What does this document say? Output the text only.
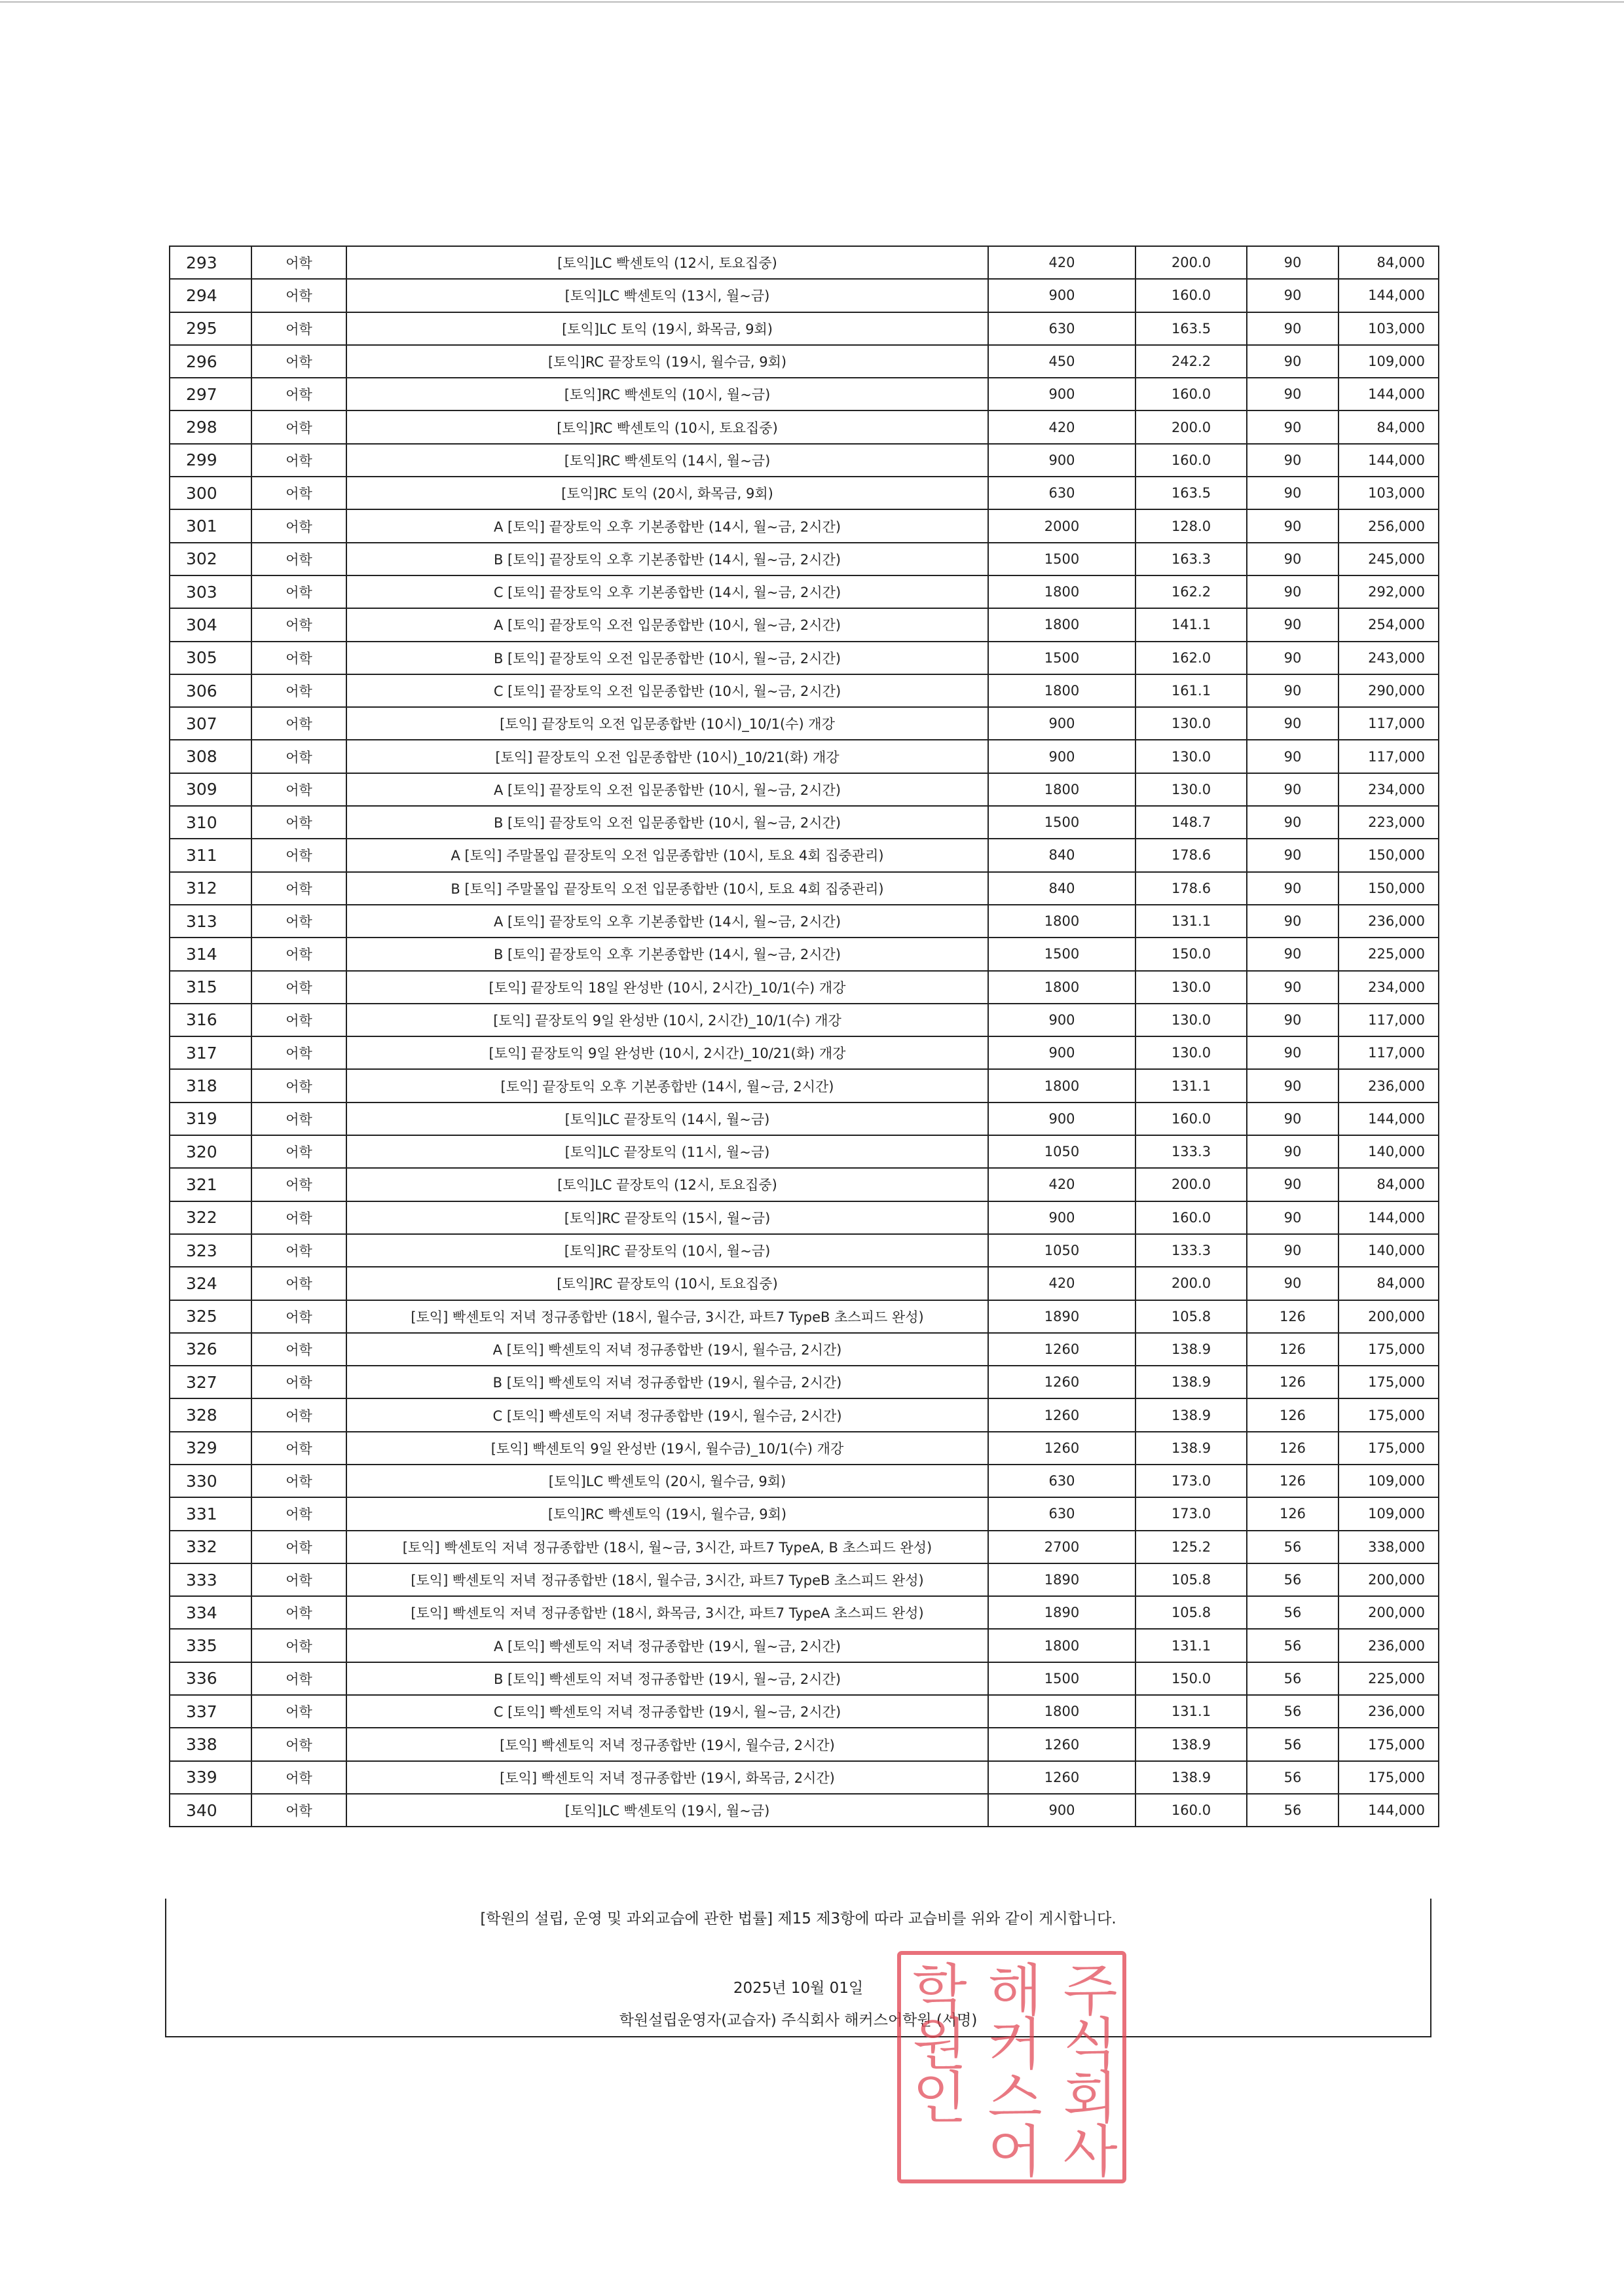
293	어학	[토익]LC 빡센토익 (12시, 토요집중)	420	200.0	90	84,000
294	어학	[토익]LC 빡센토익 (13시, 월~금)	900	160.0	90	144,000
295	어학	[토익]LC 토익 (19시, 화목금, 9회)	630	163.5	90	103,000
296	어학	[토익]RC 끝장토익 (19시, 월수금, 9회)	450	242.2	90	109,000
297	어학	[토익]RC 빡센토익 (10시, 월~금)	900	160.0	90	144,000
298	어학	[토익]RC 빡센토익 (10시, 토요집중)	420	200.0	90	84,000
299	어학	[토익]RC 빡센토익 (14시, 월~금)	900	160.0	90	144,000
300	어학	[토익]RC 토익 (20시, 화목금, 9회)	630	163.5	90	103,000
301	어학	A [토익] 끝장토익 오후 기본종합반 (14시, 월~금, 2시간)	2000	128.0	90	256,000
302	어학	B [토익] 끝장토익 오후 기본종합반 (14시, 월~금, 2시간)	1500	163.3	90	245,000
303	어학	C [토익] 끝장토익 오후 기본종합반 (14시, 월~금, 2시간)	1800	162.2	90	292,000
304	어학	A [토익] 끝장토익 오전 입문종합반 (10시, 월~금, 2시간)	1800	141.1	90	254,000
305	어학	B [토익] 끝장토익 오전 입문종합반 (10시, 월~금, 2시간)	1500	162.0	90	243,000
306	어학	C [토익] 끝장토익 오전 입문종합반 (10시, 월~금, 2시간)	1800	161.1	90	290,000
307	어학	[토익] 끝장토익 오전 입문종합반 (10시)_10/1(수) 개강	900	130.0	90	117,000
308	어학	[토익] 끝장토익 오전 입문종합반 (10시)_10/21(화) 개강	900	130.0	90	117,000
309	어학	A [토익] 끝장토익 오전 입문종합반 (10시, 월~금, 2시간)	1800	130.0	90	234,000
310	어학	B [토익] 끝장토익 오전 입문종합반 (10시, 월~금, 2시간)	1500	148.7	90	223,000
311	어학	A [토익] 주말몰입 끝장토익 오전 입문종합반 (10시, 토요 4회 집중관리)	840	178.6	90	150,000
312	어학	B [토익] 주말몰입 끝장토익 오전 입문종합반 (10시, 토요 4회 집중관리)	840	178.6	90	150,000
313	어학	A [토익] 끝장토익 오후 기본종합반 (14시, 월~금, 2시간)	1800	131.1	90	236,000
314	어학	B [토익] 끝장토익 오후 기본종합반 (14시, 월~금, 2시간)	1500	150.0	90	225,000
315	어학	[토익] 끝장토익 18일 완성반 (10시, 2시간)_10/1(수) 개강	1800	130.0	90	234,000
316	어학	[토익] 끝장토익 9일 완성반 (10시, 2시간)_10/1(수) 개강	900	130.0	90	117,000
317	어학	[토익] 끝장토익 9일 완성반 (10시, 2시간)_10/21(화) 개강	900	130.0	90	117,000
318	어학	[토익] 끝장토익 오후 기본종합반 (14시, 월~금, 2시간)	1800	131.1	90	236,000
319	어학	[토익]LC 끝장토익 (14시, 월~금)	900	160.0	90	144,000
320	어학	[토익]LC 끝장토익 (11시, 월~금)	1050	133.3	90	140,000
321	어학	[토익]LC 끝장토익 (12시, 토요집중)	420	200.0	90	84,000
322	어학	[토익]RC 끝장토익 (15시, 월~금)	900	160.0	90	144,000
323	어학	[토익]RC 끝장토익 (10시, 월~금)	1050	133.3	90	140,000
324	어학	[토익]RC 끝장토익 (10시, 토요집중)	420	200.0	90	84,000
325	어학	[토익] 빡센토익 저녁 정규종합반 (18시, 월수금, 3시간, 파트7 TypeB 초스피드 완성)	1890	105.8	126	200,000
326	어학	A [토익] 빡센토익 저녁 정규종합반 (19시, 월수금, 2시간)	1260	138.9	126	175,000
327	어학	B [토익] 빡센토익 저녁 정규종합반 (19시, 월수금, 2시간)	1260	138.9	126	175,000
328	어학	C [토익] 빡센토익 저녁 정규종합반 (19시, 월수금, 2시간)	1260	138.9	126	175,000
329	어학	[토익] 빡센토익 9일 완성반 (19시, 월수금)_10/1(수) 개강	1260	138.9	126	175,000
330	어학	[토익]LC 빡센토익 (20시, 월수금, 9회)	630	173.0	126	109,000
331	어학	[토익]RC 빡센토익 (19시, 월수금, 9회)	630	173.0	126	109,000
332	어학	[토익] 빡센토익 저녁 정규종합반 (18시, 월~금, 3시간, 파트7 TypeA, B 초스피드 완성)	2700	125.2	56	338,000
333	어학	[토익] 빡센토익 저녁 정규종합반 (18시, 월수금, 3시간, 파트7 TypeB 초스피드 완성)	1890	105.8	56	200,000
334	어학	[토익] 빡센토익 저녁 정규종합반 (18시, 화목금, 3시간, 파트7 TypeA 초스피드 완성)	1890	105.8	56	200,000
335	어학	A [토익] 빡센토익 저녁 정규종합반 (19시, 월~금, 2시간)	1800	131.1	56	236,000
336	어학	B [토익] 빡센토익 저녁 정규종합반 (19시, 월~금, 2시간)	1500	150.0	56	225,000
337	어학	C [토익] 빡센토익 저녁 정규종합반 (19시, 월~금, 2시간)	1800	131.1	56	236,000
338	어학	[토익] 빡센토익 저녁 정규종합반 (19시, 월수금, 2시간)	1260	138.9	56	175,000
339	어학	[토익] 빡센토익 저녁 정규종합반 (19시, 화목금, 2시간)	1260	138.9	56	175,000
340	어학	[토익]LC 빡센토익 (19시, 월~금)	900	160.0	56	144,000
[학원의 설립, 운영 및 과외교습에 관한 법률] 제15 제3항에 따라 교습비를 위와 같이 게시합니다.
2025년 10월 01일
학원설립운영자(교습자) 주식회사 해커스어학원 (서명)	주
식
회
사
해
커
스
어
학
원
인
